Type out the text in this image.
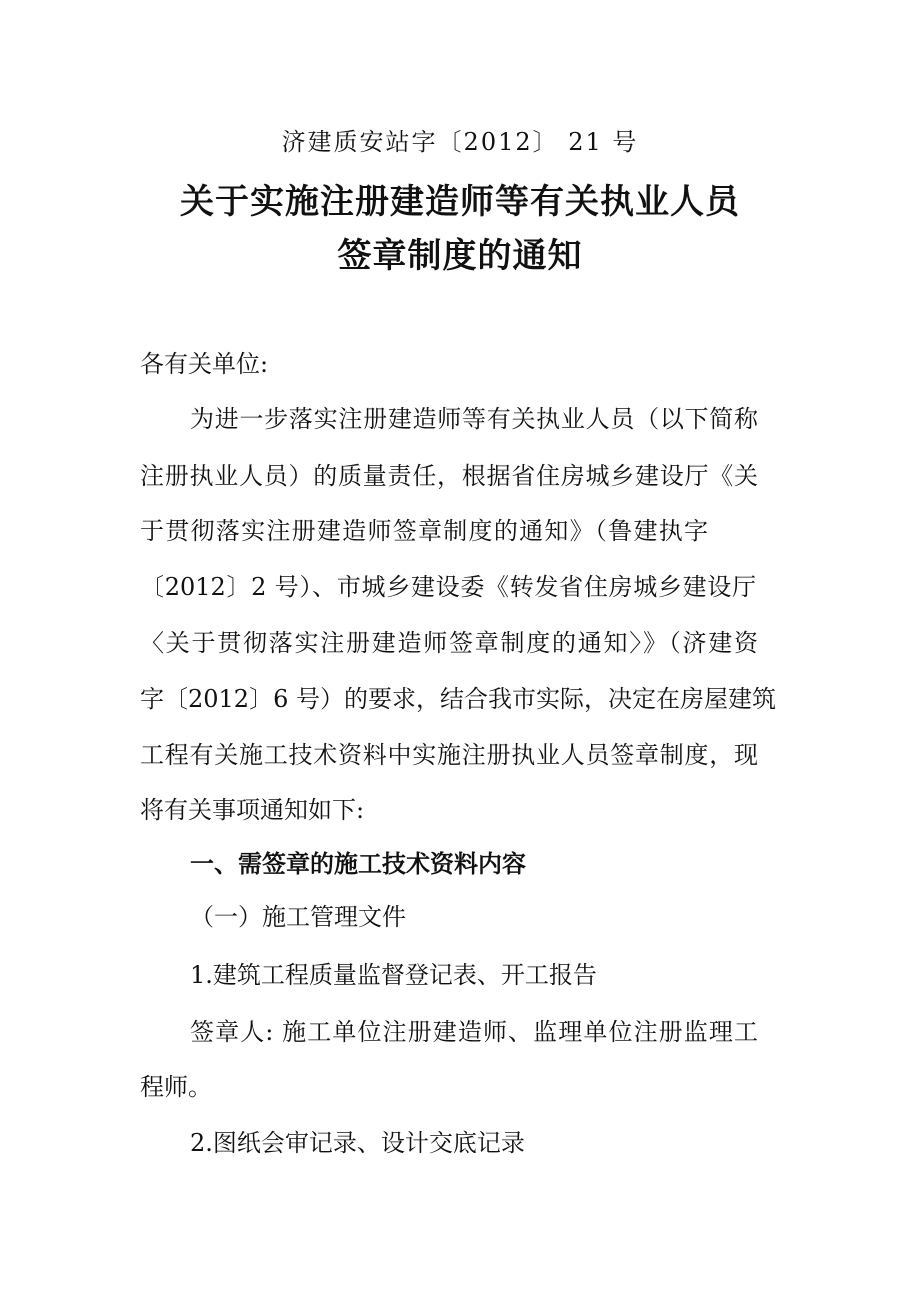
济建质安站字〔2012〕 21 号
关于实施注册建造师等有关执业人员
签章制度的通知
各有关单位:
为进一步落实注册建造师等有关执业人员（以下简称
注册执业人员）的质量责任，根据省住房城乡建设厅《关
于贯彻落实注册建造师签章制度的通知》（鲁建执字
〔2012〕2 号）、市城乡建设委《转发省住房城乡建设厅
〈关于贯彻落实注册建造师签章制度的通知〉》（济建资
字〔2012〕6 号）的要求，结合我市实际，决定在房屋建筑
工程有关施工技术资料中实施注册执业人员签章制度，现
将有关事项通知如下:
一、需签章的施工技术资料内容
（一）施工管理文件
1.建筑工程质量监督登记表、开工报告
签章人: 施工单位注册建造师、监理单位注册监理工
程师。
2.图纸会审记录、设计交底记录
